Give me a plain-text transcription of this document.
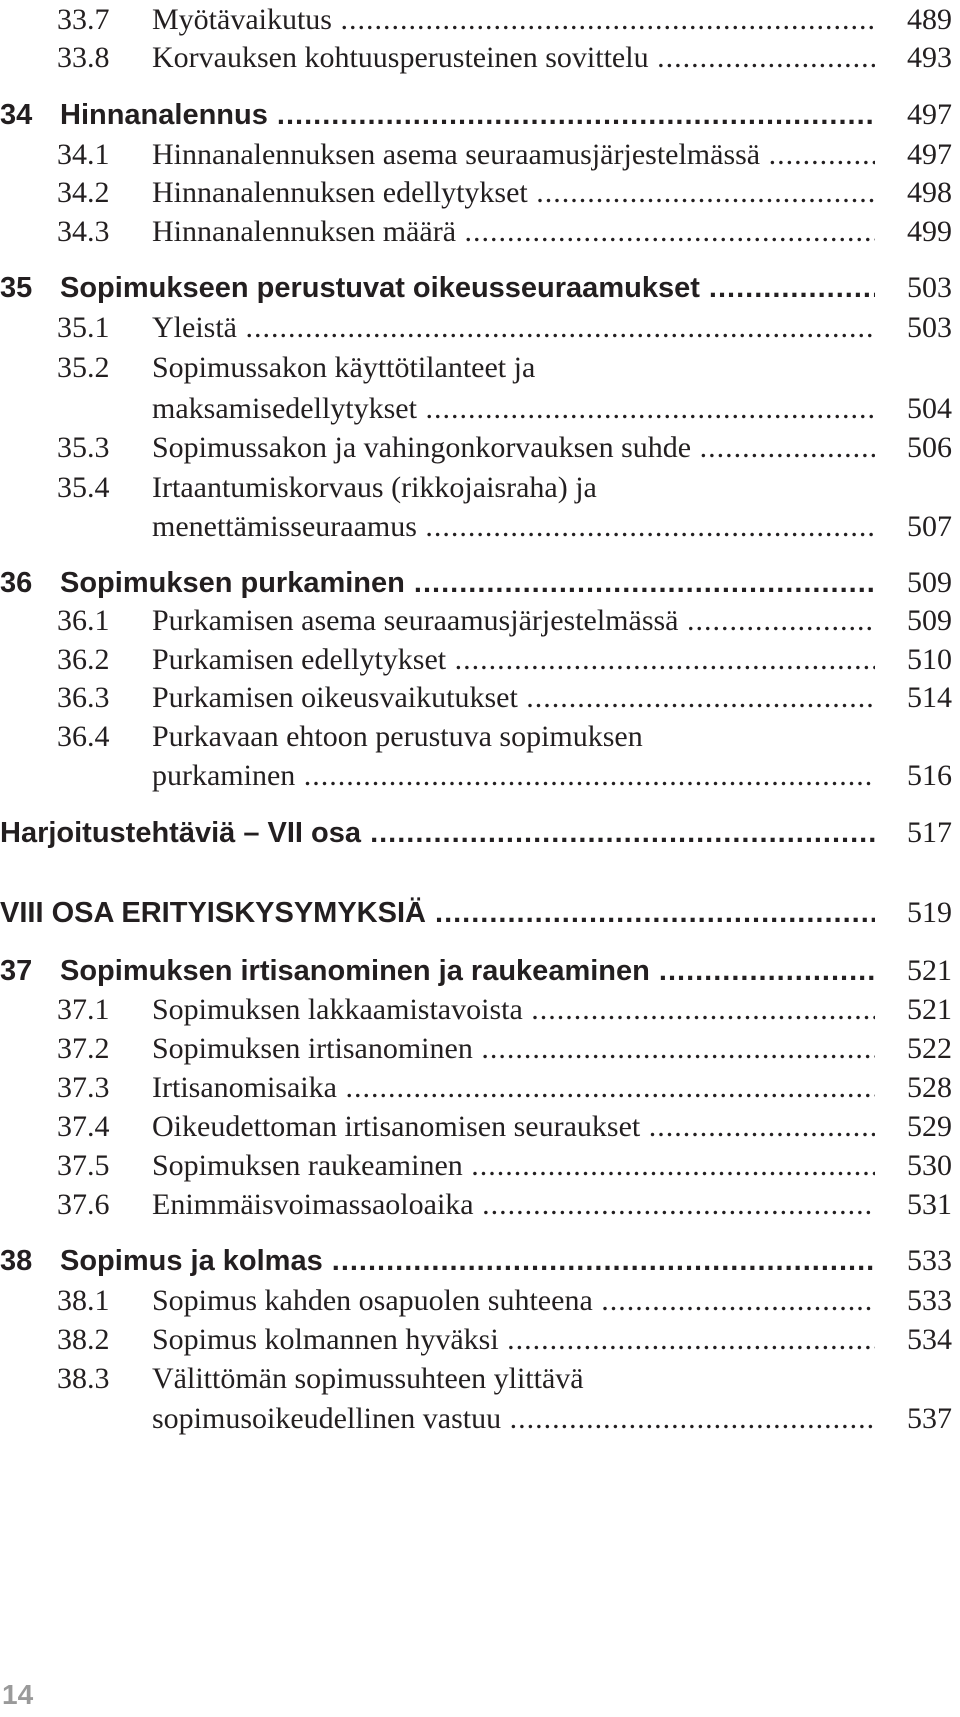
33.7 Myötävaikutus .....	489
33.8 Korvauksen kohtuusperusteinen sovittelu .....	493
34 Hinnanalennus .....	497
34.1 Hinnanalennuksen asema seuraamusjärjestelmässä .....	497
34.2 Hinnanalennuksen edellytykset .....	498
34.3 Hinnanalennuksen määrä .....	499
35 Sopimukseen perustuvat oikeusseuraamukset .....	503
35.1 Yleistä .....	503
35.2 Sopimussakon käyttötilanteet ja
maksamisedellytykset .....	504
35.3 Sopimussakon ja vahingonkorvauksen suhde .....	506
35.4 Irtaantumiskorvaus (rikkojaisraha) ja
menettämisseuraamus .....	507
36 Sopimuksen purkaminen .....	509
36.1 Purkamisen asema seuraamusjärjestelmässä .....	509
36.2 Purkamisen edellytykset .....	510
36.3 Purkamisen oikeusvaikutukset .....	514
36.4 Purkavaan ehtoon perustuva sopimuksen
purkaminen .....	516
Harjoitustehtäviä – VII osa .....	517
VIII OSA ERITYISKYSYMYKSIÄ .....	519
37 Sopimuksen irtisanominen ja raukeaminen .....	521
37.1 Sopimuksen lakkaamistavoista .....	521
37.2 Sopimuksen irtisanominen .....	522
37.3 Irtisanomisaika .....	528
37.4 Oikeudettoman irtisanomisen seuraukset .....	529
37.5 Sopimuksen raukeaminen .....	530
37.6 Enimmäisvoimassaoloaika .....	531
38 Sopimus ja kolmas .....	533
38.1 Sopimus kahden osapuolen suhteena .....	533
38.2 Sopimus kolmannen hyväksi .....	534
38.3 Välittömän sopimussuhteen ylittävä
sopimusoikeudellinen vastuu .....	537
14
